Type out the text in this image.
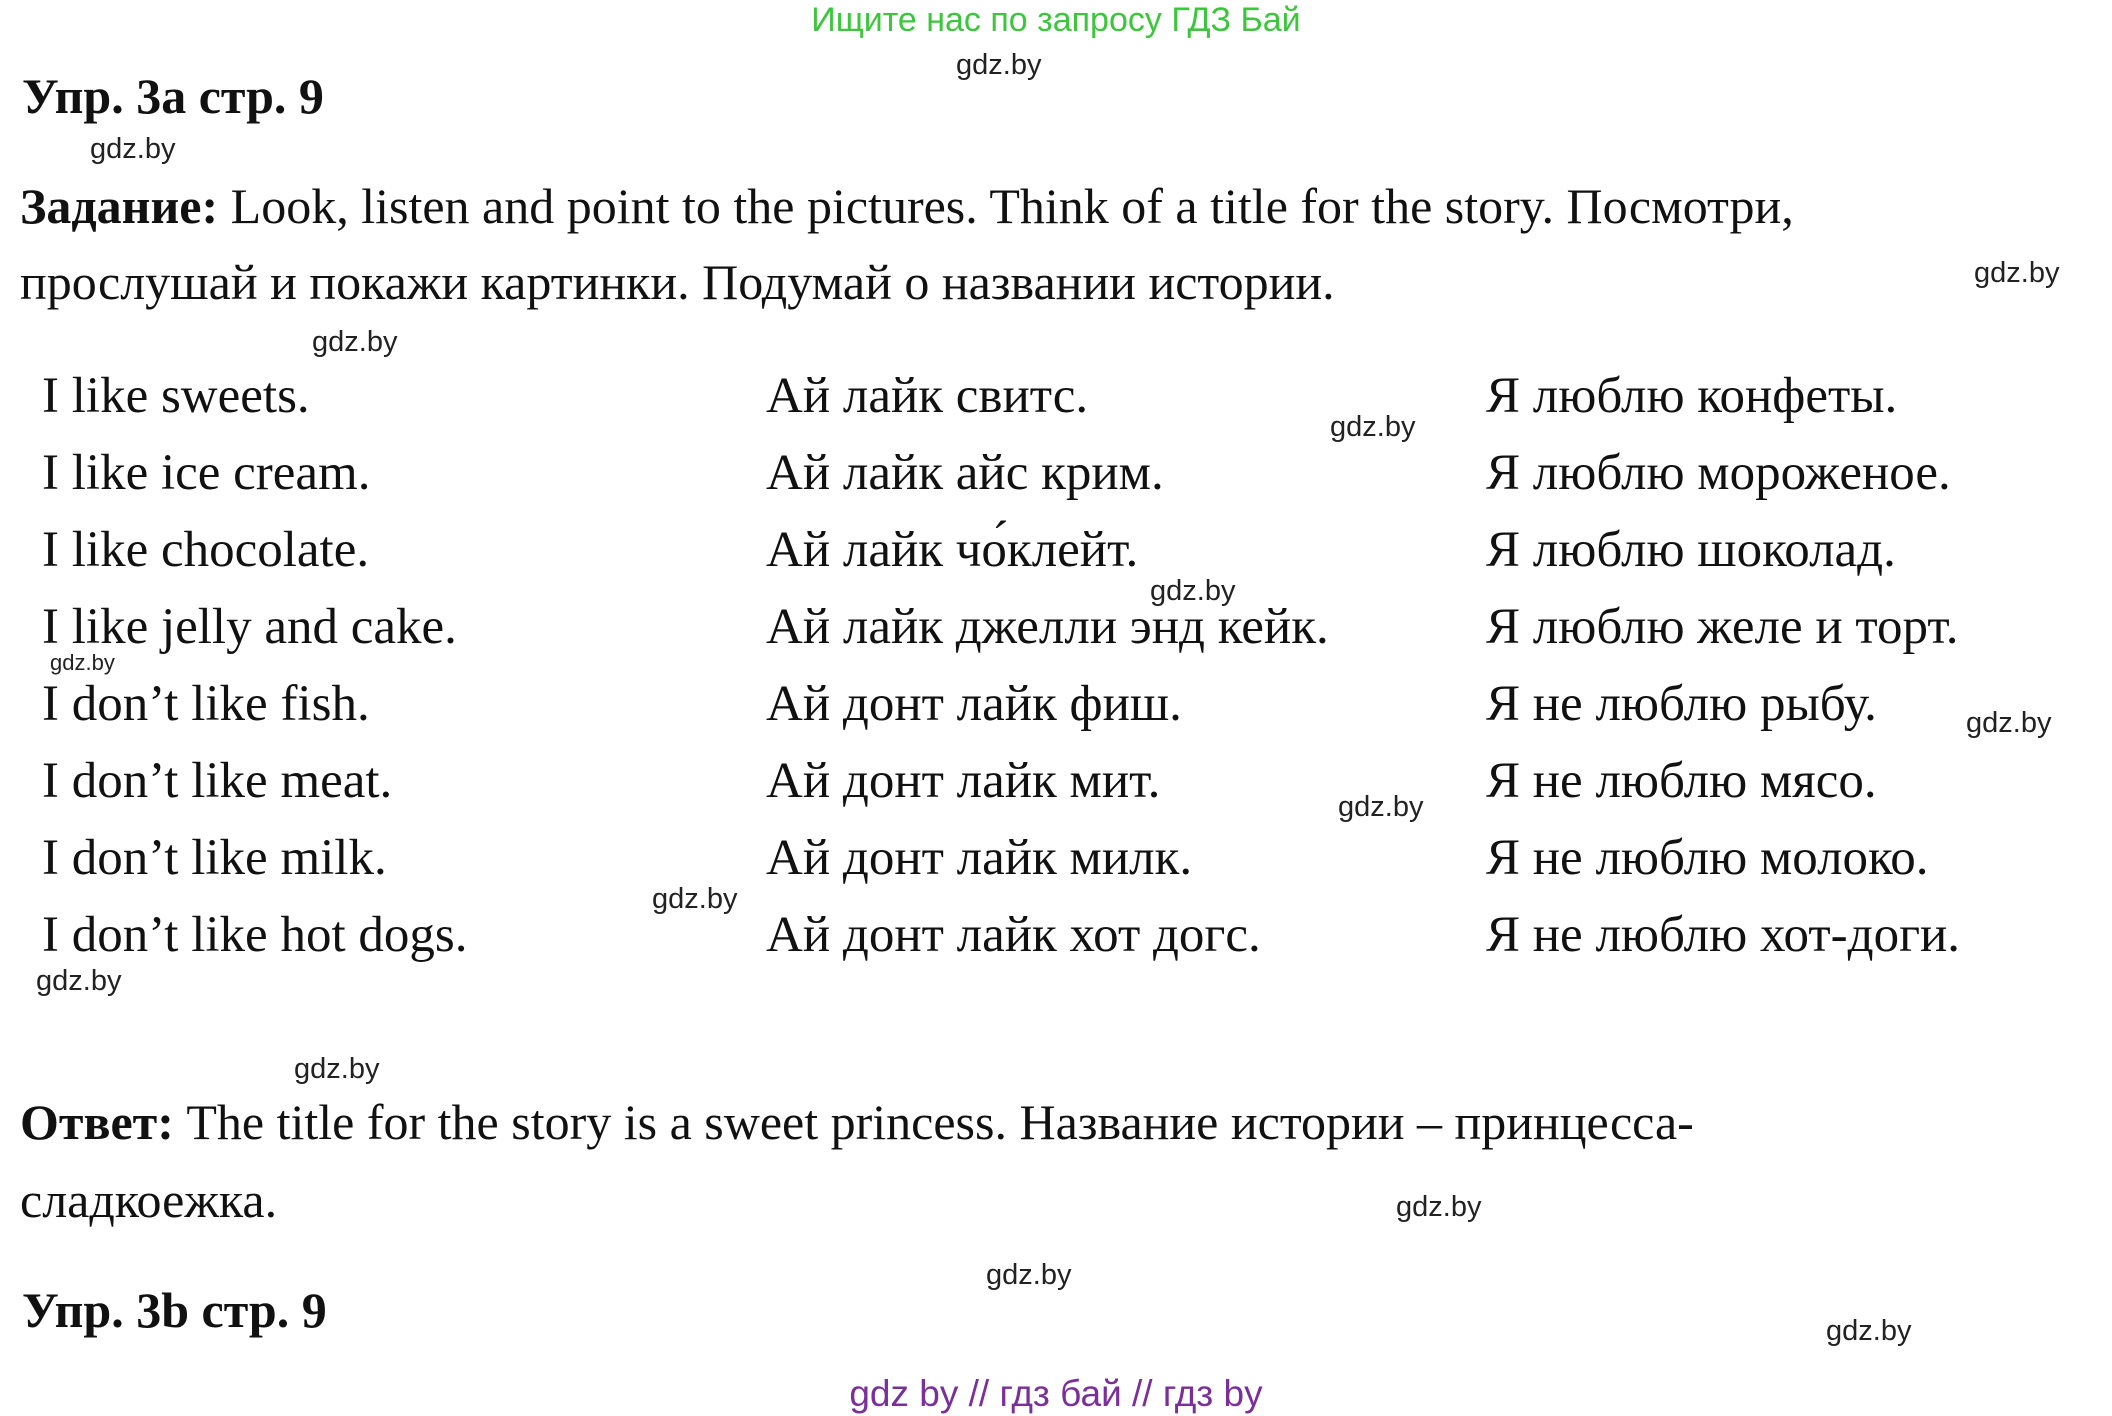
Ищите нас по запросу ГДЗ Бай
gdz.by
gdz.by
gdz.by
gdz.by
gdz.by
gdz.by
gdz.by
gdz.by
gdz.by
gdz.by
gdz.by
gdz.by
gdz.by
gdz.by
gdz.by
Упр. 3а стр. 9
Задание: Look, listen and point to the pictures. Think of a title for the story. Посмотри,
прослушай и покажи картинки. Подумай о названии истории.
I like sweets.	Ай лайк свитс.	Я люблю конфеты.
I like ice cream.	Ай лайк айс крим.	Я люблю мороженое.
I like chocolate.	Ай лайк чо́клейт.	Я люблю шоколад.
I like jelly and cake.	Ай лайк джелли энд кейк.	Я люблю желе и торт.
I don’t like fish.	Ай донт лайк фиш.	Я не люблю рыбу.
I don’t like meat.	Ай донт лайк мит.	Я не люблю мясо.
I don’t like milk.	Ай донт лайк милк.	Я не люблю молоко.
I don’t like hot dogs.	Ай донт лайк хот догс.	Я не люблю хот-доги.
Ответ: The title for the story is a sweet princess. Название истории – принцесса-
сладкоежка.
Упр. 3b стр. 9
gdz by // гдз бай // гдз by
